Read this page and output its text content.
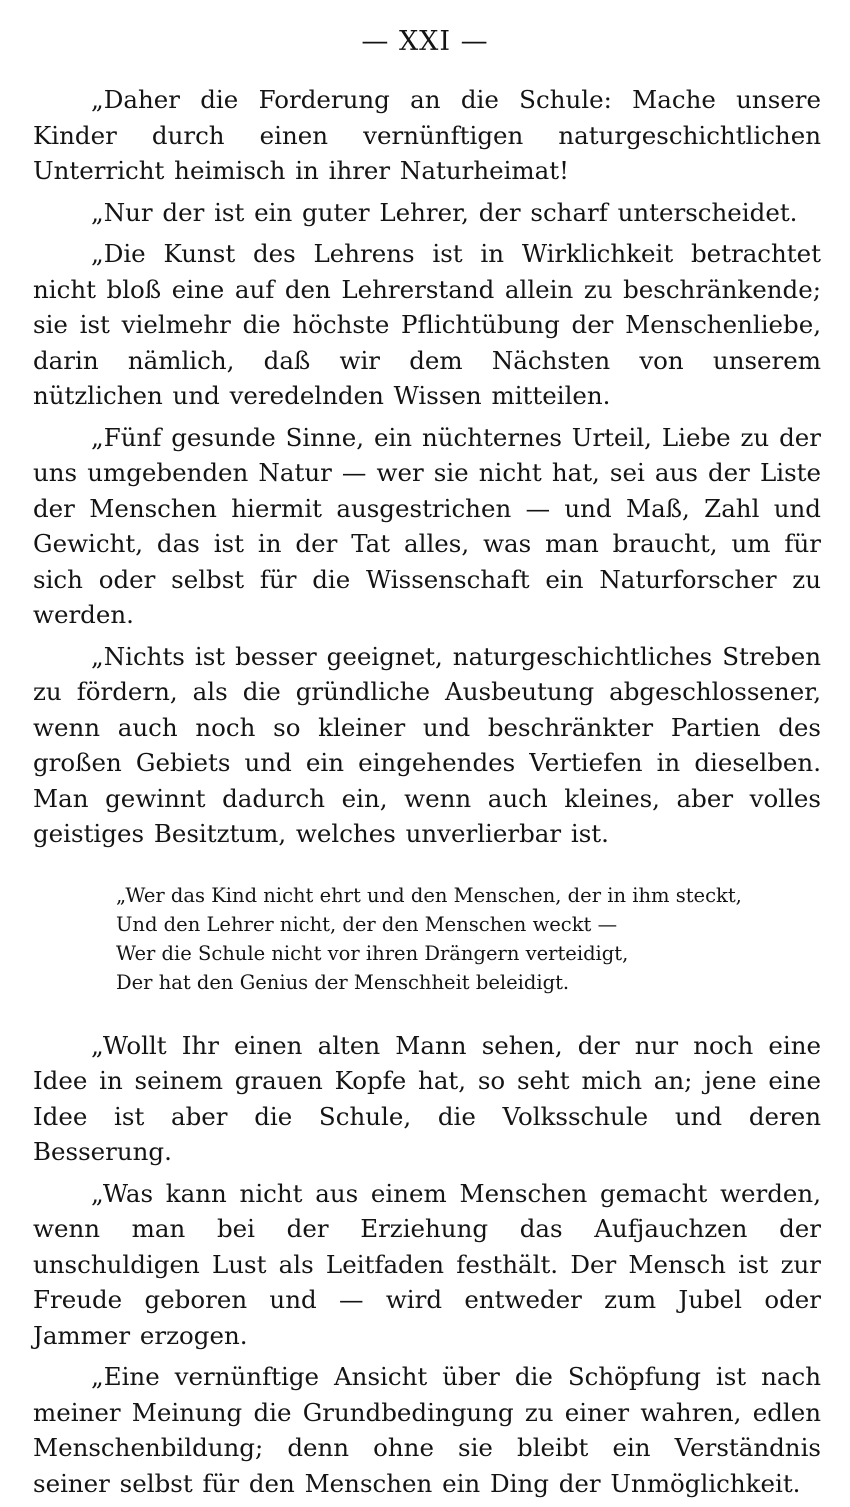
— XXI —

„Daher die Forderung an die Schule: Mache unsere Kinder durch einen vernünftigen naturgeschichtlichen Unterricht heimisch in ihrer Naturheimat!

„Nur der ist ein guter Lehrer, der scharf unterscheidet.

„Die Kunst des Lehrens ist in Wirklichkeit betrachtet nicht bloß eine auf den Lehrerstand allein zu beschränkende; sie ist vielmehr die höchste Pflichtübung der Menschenliebe, darin nämlich, daß wir dem Nächsten von unserem nützlichen und veredelnden Wissen mitteilen.

„Fünf gesunde Sinne, ein nüchternes Urteil, Liebe zu der uns umgebenden Natur — wer sie nicht hat, sei aus der Liste der Menschen hiermit ausgestrichen — und Maß, Zahl und Gewicht, das ist in der Tat alles, was man braucht, um für sich oder selbst für die Wissenschaft ein Naturforscher zu werden.

„Nichts ist besser geeignet, naturgeschichtliches Streben zu fördern, als die gründliche Ausbeutung abgeschlossener, wenn auch noch so kleiner und beschränkter Partien des großen Gebiets und ein eingehendes Vertiefen in dieselben. Man gewinnt dadurch ein, wenn auch kleines, aber volles geistiges Besitztum, welches unverlierbar ist.

„Wer das Kind nicht ehrt und den Menschen, der in ihm steckt,
Und den Lehrer nicht, der den Menschen weckt —
Wer die Schule nicht vor ihren Drängern verteidigt,
Der hat den Genius der Menschheit beleidigt.

„Wollt Ihr einen alten Mann sehen, der nur noch eine Idee in seinem grauen Kopfe hat, so seht mich an; jene eine Idee ist aber die Schule, die Volksschule und deren Besserung.

„Was kann nicht aus einem Menschen gemacht werden, wenn man bei der Erziehung das Aufjauchzen der unschuldigen Lust als Leitfaden festhält. Der Mensch ist zur Freude geboren und — wird entweder zum Jubel oder Jammer erzogen.

„Eine vernünftige Ansicht über die Schöpfung ist nach meiner Meinung die Grundbedingung zu einer wahren, edlen Menschenbildung; denn ohne sie bleibt ein Verständnis seiner selbst für den Menschen ein Ding der Unmöglichkeit.
